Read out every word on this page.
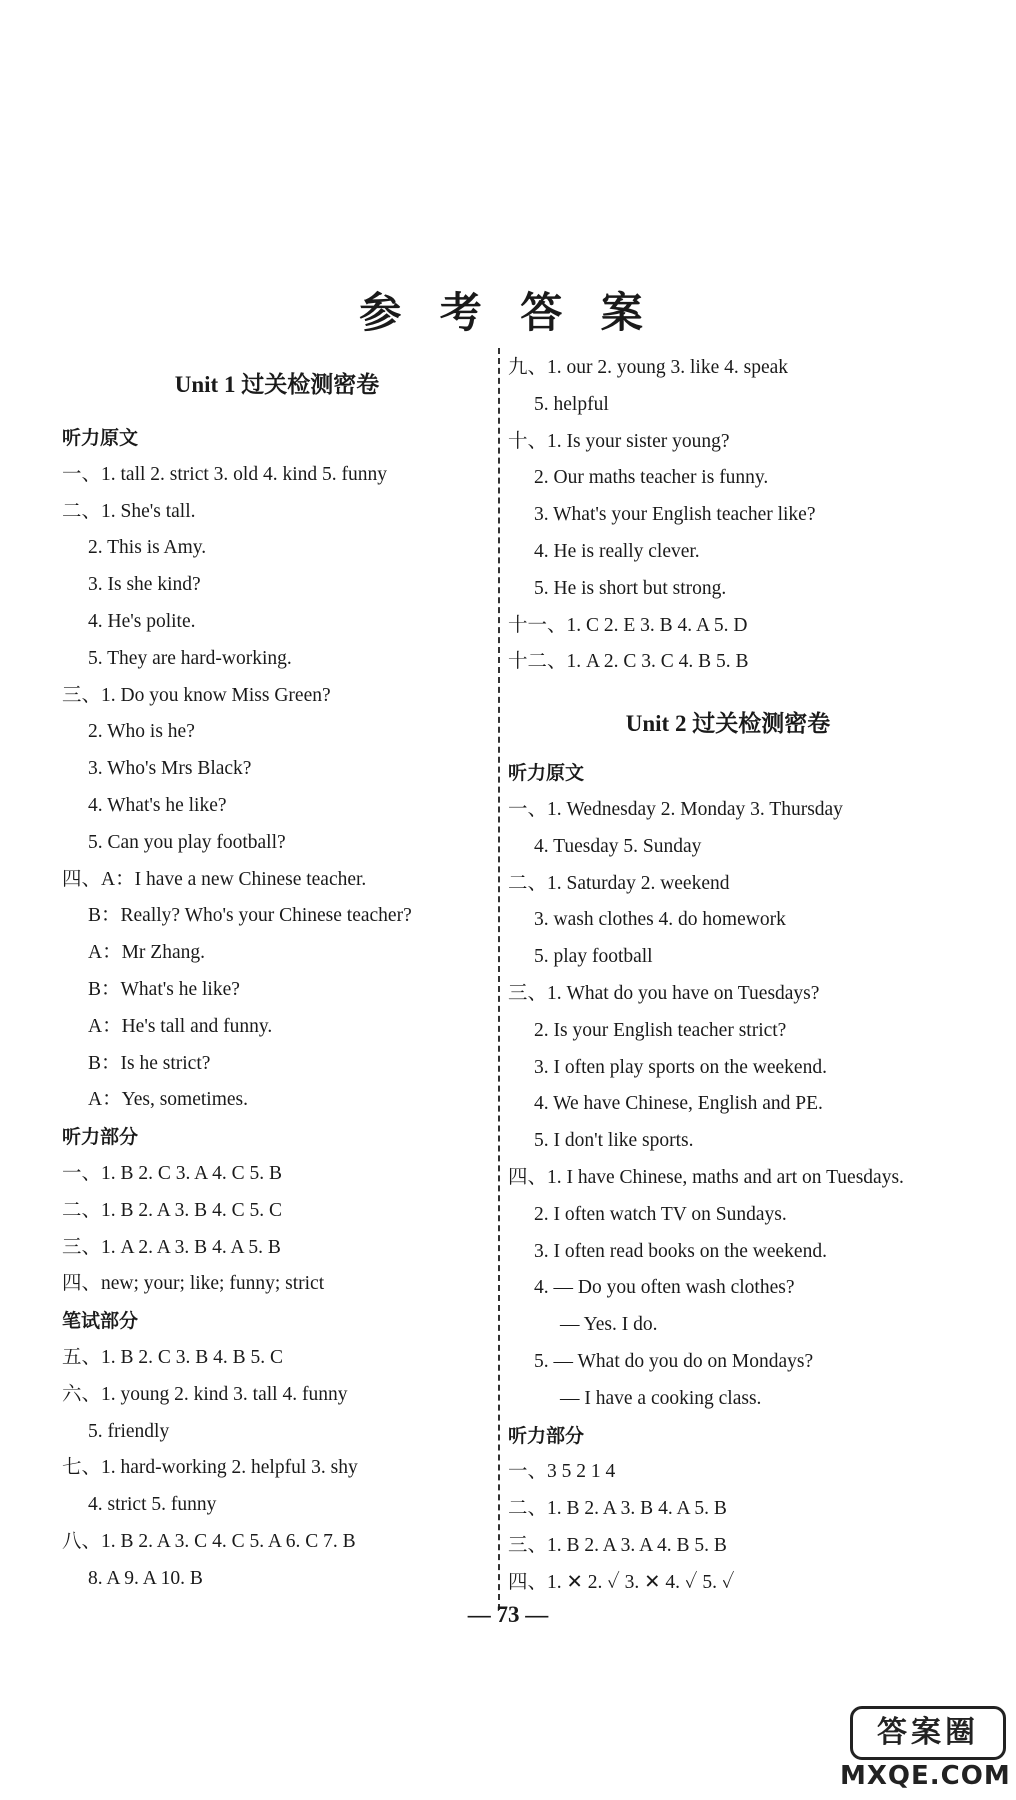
参 考 答 案
Unit 1 过关检测密卷
听力原文
一、1. tall 2. strict 3. old 4. kind 5. funny
二、1. She's tall.
2. This is Amy.
3. Is she kind?
4. He's polite.
5. They are hard-working.
三、1. Do you know Miss Green?
2. Who is he?
3. Who's Mrs Black?
4. What's he like?
5. Can you play football?
四、A：I have a new Chinese teacher.
B：Really? Who's your Chinese teacher?
A：Mr Zhang.
B：What's he like?
A：He's tall and funny.
B：Is he strict?
A：Yes, sometimes.
听力部分
一、1. B 2. C 3. A 4. C 5. B
二、1. B 2. A 3. B 4. C 5. C
三、1. A 2. A 3. B 4. A 5. B
四、new; your; like; funny; strict
笔试部分
五、1. B 2. C 3. B 4. B 5. C
六、1. young 2. kind 3. tall 4. funny
5. friendly
七、1. hard-working 2. helpful 3. shy
4. strict 5. funny
八、1. B 2. A 3. C 4. C 5. A 6. C 7. B
8. A 9. A 10. B
九、1. our 2. young 3. like 4. speak
5. helpful
十、1. Is your sister young?
2. Our maths teacher is funny.
3. What's your English teacher like?
4. He is really clever.
5. He is short but strong.
十一、1. C 2. E 3. B 4. A 5. D
十二、1. A 2. C 3. C 4. B 5. B
Unit 2 过关检测密卷
听力原文
一、1. Wednesday 2. Monday 3. Thursday
4. Tuesday 5. Sunday
二、1. Saturday 2. weekend
3. wash clothes 4. do homework
5. play football
三、1. What do you have on Tuesdays?
2. Is your English teacher strict?
3. I often play sports on the weekend.
4. We have Chinese, English and PE.
5. I don't like sports.
四、1. I have Chinese, maths and art on Tuesdays.
2. I often watch TV on Sundays.
3. I often read books on the weekend.
4. — Do you often wash clothes?
— Yes. I do.
5. — What do you do on Mondays?
— I have a cooking class.
听力部分
一、3 5 2 1 4
二、1. B 2. A 3. B 4. A 5. B
三、1. B 2. A 3. A 4. B 5. B
四、1. ✕ 2. ✓ 3. ✕ 4. ✓ 5. ✓
— 73 —
答案圈
MXQE.COM
